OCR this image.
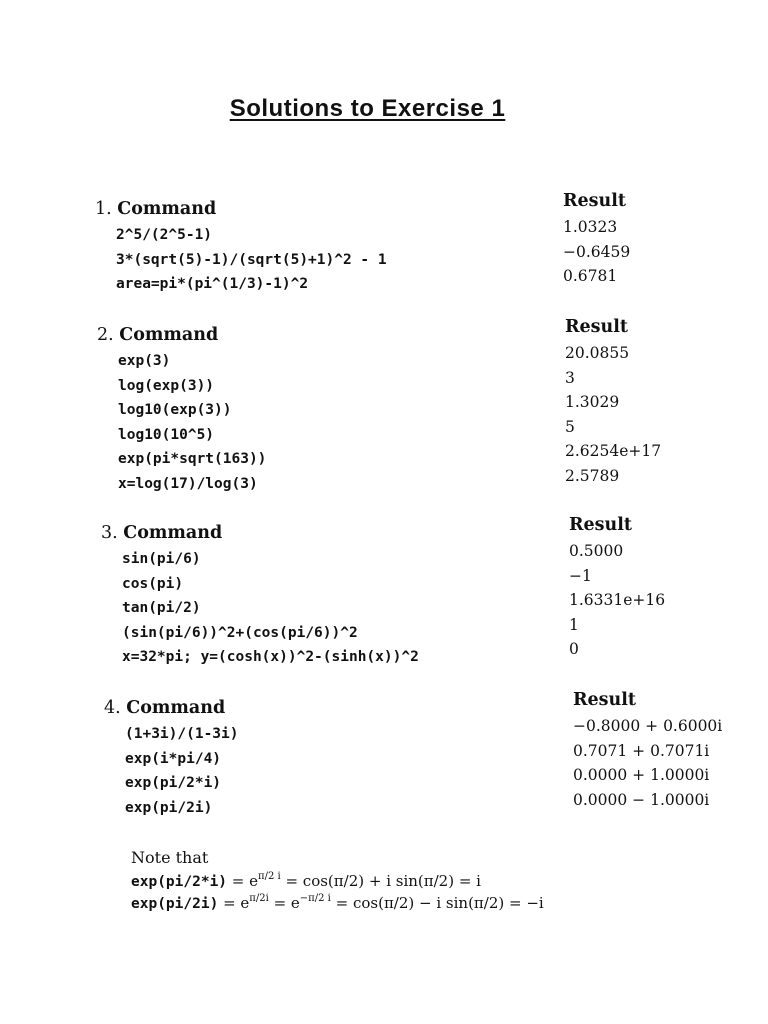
Solutions to Exercise 1
1. Command
2^5/(2^5-1)
3*(sqrt(5)-1)/(sqrt(5)+1)^2 - 1
area=pi*(pi^(1/3)-1)^2
Result
1.0323
−0.6459
0.6781
2. Command
exp(3)
log(exp(3))
log10(exp(3))
log10(10^5)
exp(pi*sqrt(163))
x=log(17)/log(3)
Result
20.0855
3
1.3029
5
2.6254e+17
2.5789
3. Command
sin(pi/6)
cos(pi)
tan(pi/2)
(sin(pi/6))^2+(cos(pi/6))^2
x=32*pi; y=(cosh(x))^2-(sinh(x))^2
Result
0.5000
−1
1.6331e+16
1
0
4. Command
(1+3i)/(1-3i)
exp(i*pi/4)
exp(pi/2*i)
exp(pi/2i)
Result
−0.8000 + 0.6000i
0.7071 + 0.7071i
0.0000 + 1.0000i
0.0000 − 1.0000i
Note that
$\exp(pi/2*i) = e^{\pi/2 i} = \cos(\pi/2) + i$ sin(π/2) = i
$\exp(pi/2i) = e^{\pi/2i} = e^{-\pi/2 i} = \cos(\pi/2) - i$ sin(π/2) = −i
